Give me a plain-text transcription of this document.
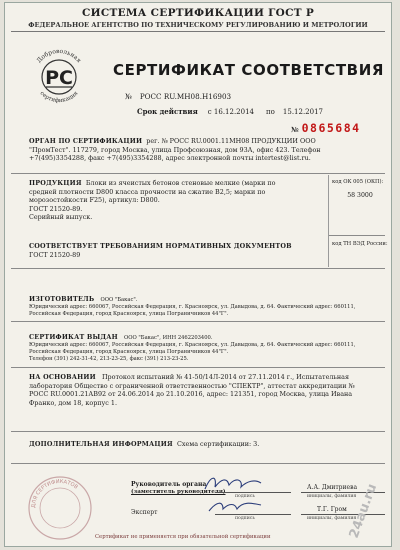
СИСТЕМА СЕРТИФИКАЦИИ ГОСТ Р
ФЕДЕРАЛЬНОЕ АГЕНТСТВО ПО ТЕХНИЧЕСКОМУ РЕГУЛИРОВАНИЮ И МЕТРОЛОГИИ
Добровольная
РС
сертификация
СЕРТИФИКАТ СООТВЕТСТВИЯ
№ РОСС RU.МН08.Н16903
Срок действия с 16.12.2014 по 15.12.2017
№ 0865684
ОРГАН ПО СЕРТИФИКАЦИИ рег. № РОСС RU.0001.11МН08 ПРОДУКЦИИ ООО
"ПромТест". 117279, город Москва, улица Профсоюзная, дом 93А, офис 423. Телефон
+7(495)3354288, факс +7(495)3354288, адрес электронной почты intertest@list.ru.
ПРОДУКЦИЯ Блоки из ячеистых бетонов стеновые мелкие (марки по
средней плотности D800 класса прочности на сжатие В2,5; марки по
морозостойкости F25), артикул: D800.
ГОСТ 21520-89.
Серийный выпуск.
код ОК 005 (ОКП):
58 3000
СООТВЕТСТВУЕТ ТРЕБОВАНИЯМ НОРМАТИВНЫХ ДОКУМЕНТОВ
ГОСТ 21520-89
код ТН ВЭД России:
ИЗГОТОВИТЕЛЬ ООО "Бакас".
Юридический адрес: 660067, Российская Федерация, г. Красноярск, ул. Давыдова, д. 64. Фактический адрес: 660111,
Российская Федерация, город Красноярск, улица Пограничников 44"Г".
СЕРТИФИКАТ ВЫДАН ООО "Бакас", ИНН 2462203400.
Юридический адрес: 660067, Российская Федерация, г. Красноярск, ул. Давыдова, д. 64. Фактический адрес: 660111,
Российская Федерация, город Красноярск, улица Пограничников 44"Г".
Телефон (391) 242-31-42, 213-23-25, факс (391) 213-23-25.
НА ОСНОВАНИИ Протокол испытаний № 41-50/14Л-2014 от 27.11.2014 г., Испытательная
лаборатория Общество с ограниченной ответственностью "СПЕКТР", аттестат аккредитации №
РОСС RU.0001.21АВ92 от 24.06.2014 до 21.10.2016, адрес: 121351, город Москва, улица Ивана
Франко, дом 18, корпус 1.
ДОПОЛНИТЕЛЬНАЯ ИНФОРМАЦИЯ Схема сертификации: 3.
ДЛЯ СЕРТИФИКАТОВ	Руководитель органа
(заместитель руководителя)
подпись
А.А. Дмитриева
инициалы, фамилия
Эксперт	Т.Г. Гром
подпись	инициалы, фамилия
Сертификат не применяется при обязательной сертификации	24au.ru
